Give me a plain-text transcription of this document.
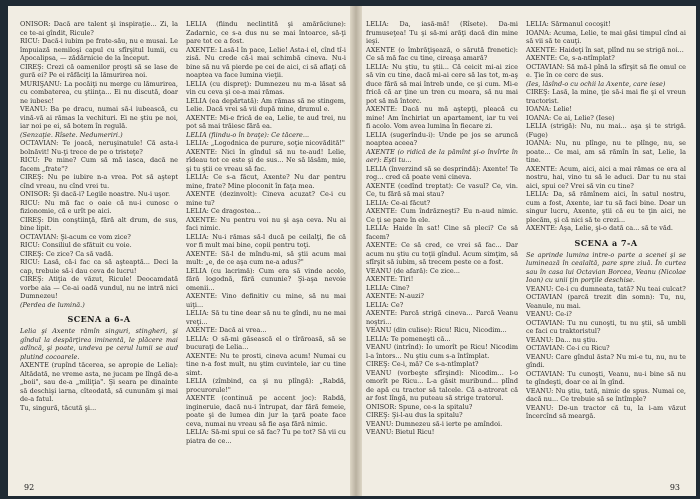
ONISOR: Dacă are talent şi inspiraţie... Zi, la ce te-ai gîndit, Ricule?

RICU: Dacă-i iubim pe frate-său, nu e musai. Le împuiază nemiloşi capul cu sfîrşitul lumii, cu Apocalipsa, — zădărnicie de la început.

CIREŞ: Crezi că oamenilor proşti să se lase de gură ei? Pe ei răfăciţi la lămurirea noi.

MURIŞANU: La pocăiţi nu merge cu lămurirea, cu combaterea, cu ştiinţa... Ei nu discută, doar ne iubesc!

VEANU: Ba pe dracu, numai să-i iubească, cu vină-vă ai rămas la vechituri. Ei ne ştiu pe noi, iar noi pe ei, să botem în regulă.

(Senzaţie. Rîsete. Nedumeriri.)

OCTAVIAN: Te joacă, neruşinatule! Că asta-i bolnăvit! Nu-ţi trece de pe o tristeţe?

RICU: Pe mine? Cum să mă iasca, dacă ne facem „frate"?

CIREŞ: Nu pe iubire n-a vrea. Pot să aştept cînd vreau, nu cînd vrei tu.

ONISOR: Şi dacă-i? Legile noastre. Nu-i uşor.

RICU: Nu mă fac o oaie că nu-i cunosc o fizionomie, că e urît pe aici.

CIREŞ: Din conştiinţă, fără alt drum, de sus, bine lipit.

OCTAVIAN: Şi-acum ce vom zice?

RICU: Consiliul de sfătuit cu voie.

CIREŞ: Ce zice? Ca să vadă.

RICU: Lasă, că-i fac ca să aşteaptă... Deci la cap, trebuie să-i dau ceva de lucru!

CIREŞ: Atiţia de văzut, Ricule! Deocamdată vorbe aia — Ce-ai oadă vundul, nu ne intră nici Dumnezeu!

(Perdea de lumină.)

SCENA a 6-A

Lelia şi Axente rămîn singuri, stingheri, şi gîndul la despărţirea iminentă, le plăcere mai adîncă, şi poate, undeva pe cerul lumii se aud plutind cocoarele.

AXENTE (rupînd tăcerea, se apropie de Lelia): Altădată, ne vreme asta, ne jucam pe lîngă de-a „boii", sau de-a „miliţia". Şi seara pe dinainte să deschişi iarna, cîteodată, să cununăm şi mai de-a fatul.

Tu, singură, tăcută şi...

LELIA (fiindu neclintită şi amărăciune): Zadarnic, ce s-a dus nu se mai întoarce, să-ţi pare tot ce a fost.

AXENTE: Lasă-l în pace, Lelie! Asta-i el, cînd tî-i zisă. Nu crede că-i mai schimbă cineva. Nu-i bine să nu vă pierde pe cei de aici, ci să aflaţi că noaptea va face lumina vieţii.

LELIA (cu dispreţ): Dumnezeu nu m-a lăsat să vin cu ceva şi ce-a mai rămas.

LELIA (ea depărtată): Am rămas să ne stingem, Lelie. Dacă vrei să vii după mine, drumul e.

AXENTE: Mi-e frică de ea, Lelie, te aud trei, nu pot să mai trăiesc fără ea.

LELIA (fiindu-o în braţe): Ce tăcere...

LELIA: „Logodnica de purure, soţie nicovădită!"

AXENTE: Nici în gîndul să nu te-aud! Lelie, rîdeau tot ce este şi de sus... Ne să lăsăm, mie, şi tu ştii ce vreau să fac.

LELIA: Ce s-a făcut, Axente? Nu dar pentru mine, frate? Mine ploconit în faţa mea.

AXENTE (dezinvolt): Cineva acuzat? Ce-i cu mine tu?

LELIA: Ce dragostea...

AXENTE: Nu pentru voi nu şi aşa ceva. Nu ai faci nimic.

LELIA: Nu-i rămas să-l ducă pe ceilalţi, fie că vor fi mult mai bine, copii pentru toţi.

AXENTE: Să-l de mîndu-mi, să ştii acum mai mult: „e, de ce aşa cum ne-a adus?"

LELIA (cu lacrimă): Cum era să vinde acolo, fără logodnă, fără cununie? Şi-aşa nevoie omenii...

AXENTE: Vino definitiv cu mine, să nu mai uiţi...

LELIA: Să tu tine dear să nu te gîndi, nu ne mai vreţi...

AXENTE: Dacă ai vrea...

LELIA: O să-mi găsească el o tîrăroasă, să se bucuraţi de Lelia...

AXENTE: Nu te prosti, cineva acum! Numai cu tine n-a fost mult, nu ştim cuvintele, iar cu tine simt.

LELIA (zîmbind, ca şi nu plîngă): „Rabdă, procurorule!"

AXENTE (continuă pe accent joc): Rabdă, ingineruie, dacă nu-i întrupat, dar fără femeie, poate şi de lumea din jur la ţară poate face ceva, numai nu vreau să fie aşa fără nimic.

LELIA: Să-mi spui ce să fac? Tu pe tot? Să vii cu piatra de ce...

LELIA: Da, iasă-mă! (Rîsete). Da-mi frumuseţea! Tu şi să-mi arăţi dacă din mine ieşi.

AXENTE (o îmbrăţişează, o sărută frenetic): Ce să mă fac cu tine, cireaşa amară?

LELIA: Nu ştiu, tu ştii... Că ceicit mi-ai zice să vin cu tine, dacă mi-ai cere să las tot, m-aş duce fără să mai întreb unde, ce şi cum. Mi-e frică că ar ţine un tren cu moara, să nu mai pot să mă întorc.

AXENTE: Dacă nu mă aştepţi, pleacă cu mine! Am închiriat un apartament, iar tu vei fi acolo. Vom avea lumina în fiecare zi.

LELIA (sugerîndu-i): Unde pe jos se aruncă noaptea aceea?

AXENTE (o ridică de la pămînt şi-o învîrte în aer): Eşti tu...

LELIA (înverzind să se desprindă): Axente! Te rog... cred că poate veni cineva.

AXENTE (cedînd treptat): Ce vasul? Ce, vin. Ce, tu fără să mai stau?

LELIA: Ce-ai făcut?

AXENTE: Cum îndrăzneşti? Eu n-aud nimic. Ce ţi se pare în ele.

LELIA: Haide în sat! Cine să pleci? Ce să facem?

AXENTE: Ce să cred, ce vrei să fac... Dar acum nu ştiu cu toţii gîndul. Acum simţim, să sfîrşit să iubim, să trecem peste ce a fost.

VEANU (de afară): Ce zice...

AXENTE: Tiri!

LELIA: Cine?

AXENTE: N-auzi?

LELIA: Ce?

AXENTE: Parcă strigă cineva... Parcă Veanu noştri...

VEANU (din culise): Ricu! Ricu, Nicodim...

LELIA: Te pomeneşti că...

VEANU (intrînd): Io umorît pe Ricu! Nicodim l-a întors... Nu ştiu cum s-a întîmplat.

CIREŞ: Ce-i, mă? Ce s-a-ntîmplat?

VEANU (vorbeşte sfîrşind): Nicodim... l-o omorît pe Ricu... L-a găsit muribund... plînd de apă cu tractor să talcele. Că a-ntrorat că ar fost lîngă, nu puteau să strige tratorul.

ONISOR: Spune, ce-s la spitalu?

CIREŞ: Şi-l-au dus la spitalu?

VEANU: Dumnezeu să-i ierte pe amîndoi.

VEANU: Bietul Ricu!

LELIA: Sărmanul cocoşit!

IOANA: Acuma, Lelie, te mai găsi timpul cînd ai să vii să te cauţi.

AXENTE: Haideţi în sat, plînd nu se strigă noi...

AXENTE: Ce, s-a-ntîmplat?

OCTAVIAN: Să mă-l pînă la sfîrşit să fie omul ce e. Ţie în ce cerc de sus.

(Ies, lăsînd-o cu ochii la Axente, care iese)

CIREŞ: Lasă, la mine, ţie să-i mai fie şi el vreun tractorist.

IOANA: Lelie!

IOANA: Ce ai, Lelie? (Iese)

LELIA (strigă): Nu, nu mai... aşa şi te strigă. (Fuge)

IOANA: Nu, nu plînge, nu te plînge, nu, se poate... Ce mai, am să rămîn în sat, Lelie, la tine.

AXENTE: Acum, aici, aici a mai rămas ce era al nostru, hai, vino tu să le aduci. Dar tu nu stai aici, spui ce? Vrei să vin cu tine?

LELIA: Da, să rămînem aici, în satul nostru, cum a fost, Axente, iar tu să faci bine. Doar un singur lucru, Axente, ştii că eu te ţin aici, ne plecăm, şi că nici să te crezi...

AXENTE: Aşa, Lelie, şi-o dată ca... să te văd.

SCENA a 7-A

Se aprinde lumina intre-o parte a scenei şi se luminează în cealaltă, pare spre ziuă. În curtea sau în casa lui Octavian Borcea, Veanu (Nicolae Ioan) cu unii ţin porţile deschise.

VEANU: Ce-i cu dumneata, tată? Nu teai culcat?

OCTAVIAN (parcă trezit din somn): Tu, nu, Veanule, nu mai.

VEANU: Ce-i?

OCTAVIAN: Tu nu cunoşti, tu nu ştii, să umbli ce faci cu traktoristul?

VEANU: Da... nu ştiu.

OCTAVIAN: Ce-i cu Ricu?

VEANU: Care gîndul ăsta? Nu mi-e tu, nu, nu te gîndi.

OCTAVIAN: Tu cunoşti, Veanu, nu-i bine să nu te gîndeşti, doar ce ai în gînd.

VEANU: Nu ştiu, tată, nimic de spus. Numai ce, dacă nu... Ce trebuie să se întîmple?

VEANU: De-un tractor că tu, la i-am văzut încercînd să meargă.

92	93
